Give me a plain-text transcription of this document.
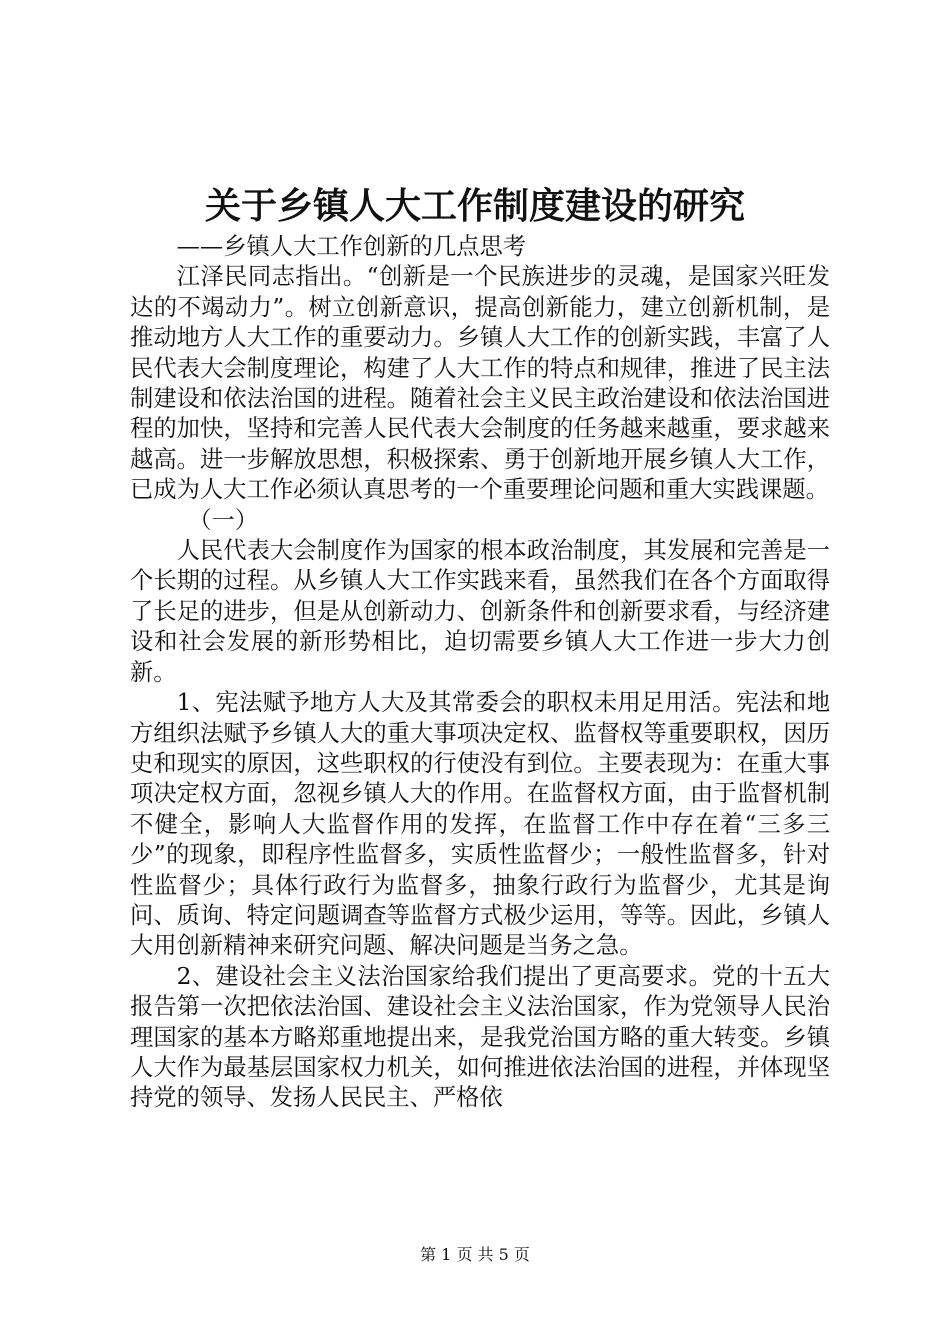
关于乡镇人大工作制度建设的研究

——乡镇人大工作创新的几点思考

江泽民同志指出。“创新是一个民族进步的灵魂，是国家兴旺发达的不竭动力”。树立创新意识，提高创新能力，建立创新机制，是推动地方人大工作的重要动力。乡镇人大工作的创新实践，丰富了人民代表大会制度理论，构建了人大工作的特点和规律，推进了民主法制建设和依法治国的进程。随着社会主义民主政治建设和依法治国进程的加快，坚持和完善人民代表大会制度的任务越来越重，要求越来越高。进一步解放思想，积极探索、勇于创新地开展乡镇人大工作，已成为人大工作必须认真思考的一个重要理论问题和重大实践课题。

（一）

人民代表大会制度作为国家的根本政治制度，其发展和完善是一个长期的过程。从乡镇人大工作实践来看，虽然我们在各个方面取得了长足的进步，但是从创新动力、创新条件和创新要求看，与经济建设和社会发展的新形势相比，迫切需要乡镇人大工作进一步大力创新。

1、宪法赋予地方人大及其常委会的职权未用足用活。宪法和地方组织法赋予乡镇人大的重大事项决定权、监督权等重要职权，因历史和现实的原因，这些职权的行使没有到位。主要表现为：在重大事项决定权方面，忽视乡镇人大的作用。在监督权方面，由于监督机制不健全，影响人大监督作用的发挥，在监督工作中存在着“三多三少”的现象，即程序性监督多，实质性监督少；一般性监督多，针对性监督少；具体行政行为监督多，抽象行政行为监督少，尤其是询问、质询、特定问题调查等监督方式极少运用，等等。因此，乡镇人大用创新精神来研究问题、解决问题是当务之急。

2、建设社会主义法治国家给我们提出了更高要求。党的十五大报告第一次把依法治国、建设社会主义法治国家，作为党领导人民治理国家的基本方略郑重地提出来，是我党治国方略的重大转变。乡镇人大作为最基层国家权力机关，如何推进依法治国的进程，并体现坚持党的领导、发扬人民民主、严格依

第 1 页 共 5 页
